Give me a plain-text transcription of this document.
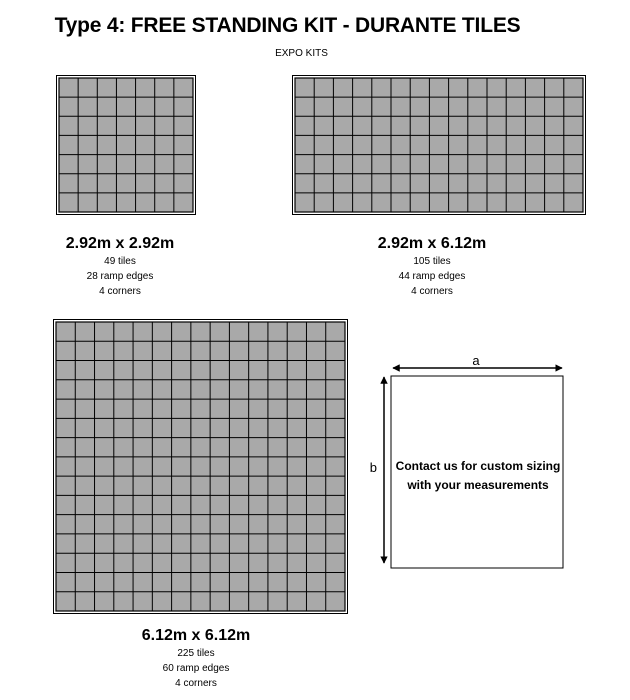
Type 4: FREE STANDING KIT - DURANTE TILES
EXPO KITS
2.92m x 2.92m
49 tiles
28 ramp edges
4 corners
2.92m x 6.12m
105 tiles
44 ramp edges
4 corners
6.12m x 6.12m
225 tiles
60 ramp edges
4 corners
a
b	Contact us for custom sizing
with your measurements
